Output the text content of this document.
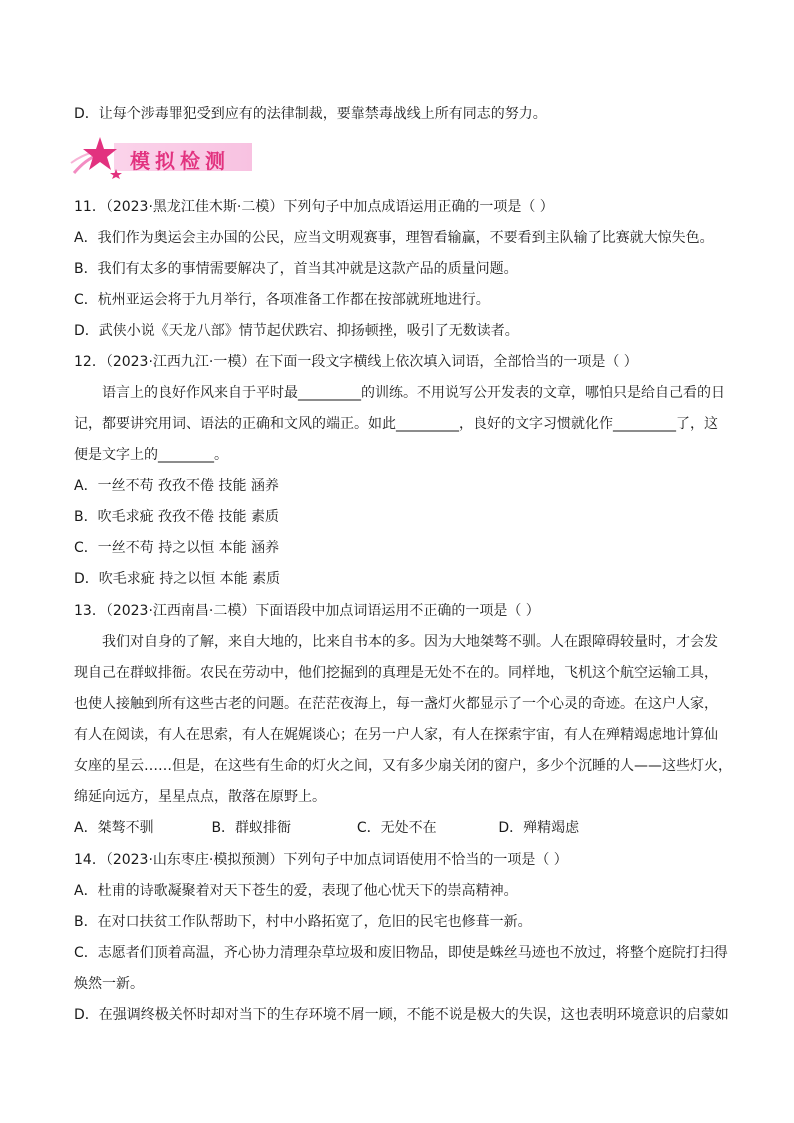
D．让每个涉毒罪犯受到应有的法律制裁，要靠禁毒战线上所有同志的努力。
模拟检测
11．（2023·黑龙江佳木斯·二模）下列句子中加点成语运用正确的一项是（ ）
A．我们作为奥运会主办国的公民，应当文明观赛事，理智看输赢，不要看到主队输了比赛就大惊失色。
B．我们有太多的事情需要解决了，首当其冲就是这款产品的质量问题。
C．杭州亚运会将于九月举行，各项准备工作都在按部就班地进行。
D．武侠小说《天龙八部》情节起伏跌宕、抑扬顿挫，吸引了无数读者。
12．（2023·江西九江·一模）在下面一段文字横线上依次填入词语，全部恰当的一项是（ ）
语言上的良好作风来自于平时最_________的训练。不用说写公开发表的文章，哪怕只是给自己看的日
记，都要讲究用词、语法的正确和文风的端正。如此_________，良好的文字习惯就化作_________了，这
便是文字上的________。
A．一丝不苟 孜孜不倦 技能 涵养
B．吹毛求疵 孜孜不倦 技能 素质
C．一丝不苟 持之以恒 本能 涵养
D．吹毛求疵 持之以恒 本能 素质
13．（2023·江西南昌·二模）下面语段中加点词语运用不正确的一项是（ ）
我们对自身的了解，来自大地的，比来自书本的多。因为大地桀骜不驯。人在跟障碍较量时，才会发
现自己在群蚁排衙。农民在劳动中，他们挖掘到的真理是无处不在的。同样地，飞机这个航空运输工具，
也使人接触到所有这些古老的问题。在茫茫夜海上，每一盏灯火都显示了一个心灵的奇迹。在这户人家，
有人在阅读，有人在思索，有人在娓娓谈心；在另一户人家，有人在探索宇宙，有人在殚精竭虑地计算仙
女座的星云……但是，在这些有生命的灯火之间，又有多少扇关闭的窗户，多少个沉睡的人——这些灯火，
绵延向远方，星星点点，散落在原野上。
A．桀骜不驯	B．群蚁排衙	C．无处不在	D．殚精竭虑
14．（2023·山东枣庄·模拟预测）下列句子中加点词语使用不恰当的一项是（ ）
A．杜甫的诗歌凝聚着对天下苍生的爱，表现了他心忧天下的崇高精神。
B．在对口扶贫工作队帮助下，村中小路拓宽了，危旧的民宅也修葺一新。
C．志愿者们顶着高温，齐心协力清理杂草垃圾和废旧物品，即使是蛛丝马迹也不放过，将整个庭院打扫得
焕然一新。
D．在强调终极关怀时却对当下的生存环境不屑一顾，不能不说是极大的失误，这也表明环境意识的启蒙如
